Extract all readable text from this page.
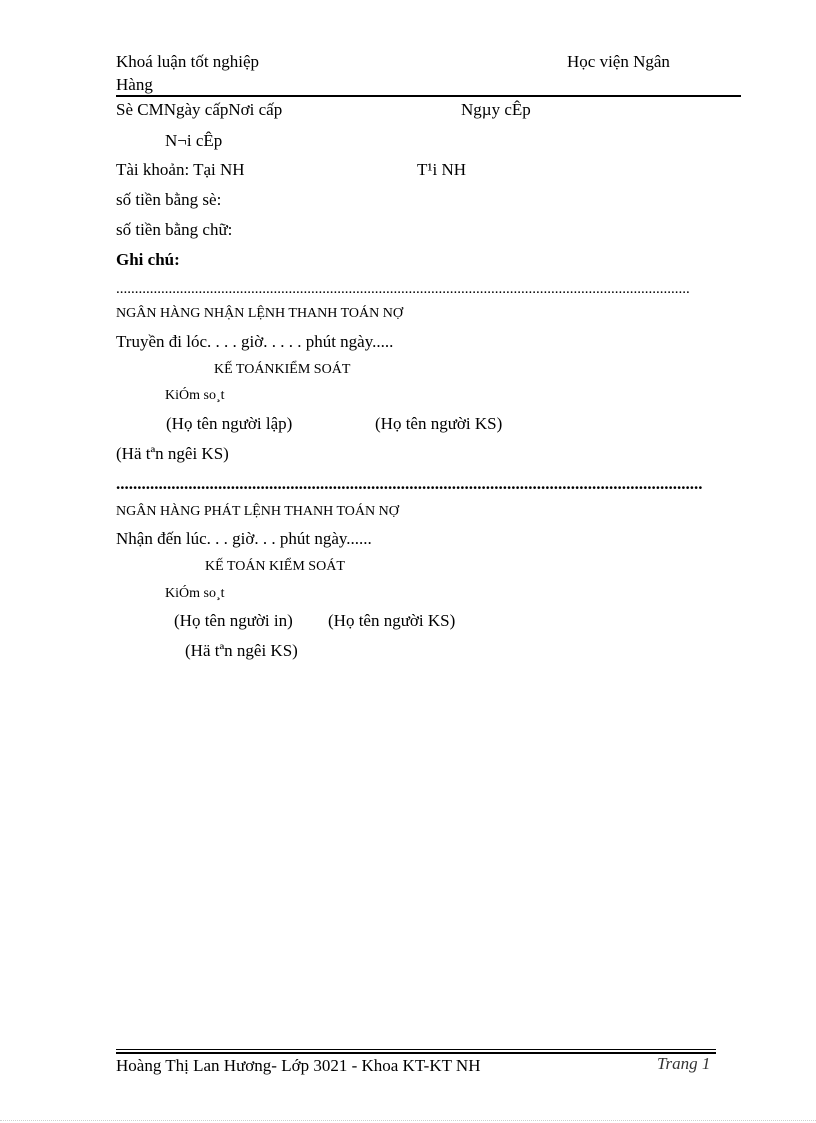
Khoá luận tốt nghiệp	Học viện Ngân
Hàng
Sè CMNgày cấpNơi cấp	Ngµy cÊp
N¬i cÊp
Tài khoản: Tại NH	T¹i NH
số tiền bằng sè:
số tiền bằng chữ:
Ghi chú:
.........................................................................................................................................................
NGÂN HÀNG NHẬN LỆNH THANH TOÁN NỢ
Truyền đi lóc. . . . giờ. . . . . phút ngày.....
KẾ TOÁNKIỂM SOÁT
KiÓm so¸t
(Họ tên người lập)	(Họ tên người KS)
(Hä tªn ngêi KS)
..........................................................................................................................................
NGÂN HÀNG PHÁT LỆNH THANH TOÁN NỢ
Nhận đến lúc. . . giờ. . . phút ngày......
KẾ TOÁN KIỂM SOÁT
KiÓm so¸t
(Họ tên người in) (Họ tên người KS)
(Hä tªn ngêi KS)
Hoàng Thị Lan Hương- Lớp 3021 - Khoa KT-KT NH	Trang 1
